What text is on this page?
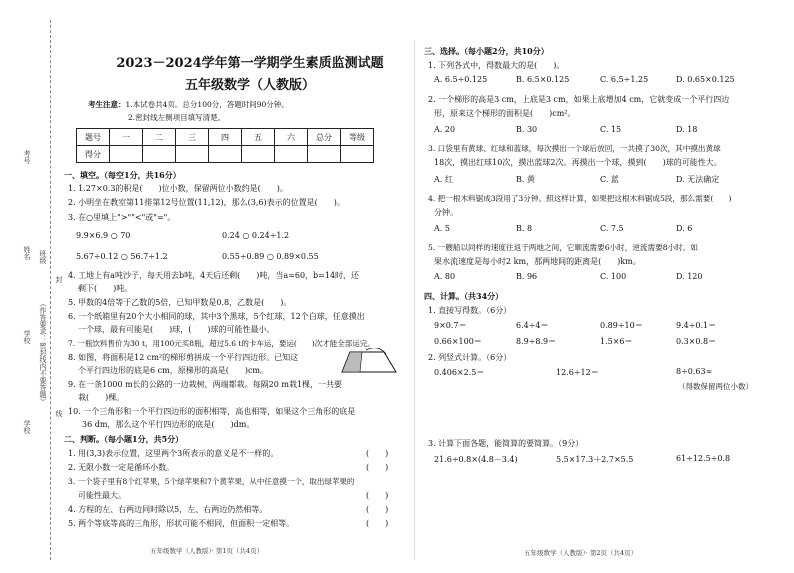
考号
姓名
学校
班级
（作答要求：密封线内不要答题）
线
封
学校
2023－2024学年第一学期学生素质监测试题
五年级数学（人教版）
考生注意：1.本试卷共4页。总分100分，答题时间90分钟。
2.密封线左侧项目填写清楚。
题号	一	二	三	四	五	六	总分	等级
得分								
一、填空。（每空1分，共16分）
1. 1.27×0.3的积是(　　)位小数，保留两位小数约是(　　)。
2. 小明坐在教室第11排第12号位置(11,12)，那么(3,6)表示的位置是(　　)。
3. 在○里填上">""<"或"="。
9.9×6.9 ○ 70	0.24 ○ 0.24÷1.2
5.67÷0.12 ○ 56.7÷1.2	0.55÷0.89 ○ 0.89×0.55
4. 工地上有a吨沙子，每天用去b吨，4天后还剩(　　)吨，当a=60，b=14时，还
剩下(　　)吨。
5. 甲数的4倍等于乙数的5倍，已知甲数是0.8，乙数是(　　)。
6. 一个纸箱里有20个大小相同的球，其中3个黑球，5个红球，12个白球，任意摸出
一个球，最有可能是(　　)球，(　　)球的可能性最小。
7. 一瓶饮料售价为30 t，用100元买8瓶，超过5.6 t的卡车运，要运(　　)次才能全部运完。
8. 如图，将面积是12 cm²的梯形剪拼成一个平行四边形。已知这
个平行四边形的底是6 cm，原梯形的高是(　　)cm。
9. 在一条1000 m长的公路的一边栽树，两端都栽。每隔20 m栽1棵，一共要
栽(　　)棵。
10. 一个三角形和一个平行四边形的面积相等，高也相等，如果这个三角形的底是
36 dm，那么这个平行四边形的底是(　　)dm。
二、判断。（每小题1分，共5分）
1. 用(3,3)表示位置，这里两个3所表示的意义是不一样的。	(　　)
2. 无限小数一定是循环小数。	(　　)
3. 一个袋子里有8个红苹果，5个绿苹果和7个黄苹果，从中任意摸一个，取出绿苹果的
可能性最大。	(　　)
4. 方程的左、右两边同时除以5，左、右两边仍然相等。	(　　)
5. 两个等底等高的三角形，形状可能不相同，但面积一定相等。	(　　)
五年级数学（人教版）· 第1页（共4页）
三、选择。（每小题2分，共10分）
1. 下列各式中，得数最大的是(　　)。
A. 6.5÷0.125	B. 6.5×0.125	C. 6.5÷1.25	D. 0.65×0.125
2. 一个梯形的高是3 cm，上底是3 cm，如果上底增加4 cm，它就变成一个平行四边
形，原来这个梯形的面积是(　　)cm²。
A. 20	B. 30	C. 15	D. 18
3. 口袋里有黄球、红球和蓝球，每次摸出一个球后放回，一共摸了30次，其中摸出黄球
18次，摸出红球10次，摸出蓝球2次。再摸出一个球，摸到(　　)球的可能性大。
A. 红	B. 黄	C. 蓝	D. 无法确定
4. 把一根木料锯成3段用了3分钟。照这样计算，如果把这根木料锯成5段，那么需要(　　)
分钟。
A. 5	B. 8	C. 7.5	D. 6
5. 一艘船以同样的速度往返于两地之间，它顺流需要6小时，逆流需要8小时。如
果水流速度是每小时2 km，那两地间的距离是(　　)km。
A. 80	B. 96	C. 100	D. 120
四、计算。（共34分）
1. 直接写得数。（6分）
9×0.7＝	6.4÷4＝	0.89÷10＝	9.4÷0.1＝
0.66×100＝	8.9÷8.9＝	1.5×6＝	0.3×0.8＝
2. 列竖式计算。（6分）
0.406×2.5＝	12.6÷12＝	8÷0.63≈
（得数保留两位小数）
3. 计算下面各题，能简算的要简算。（9分）
21.6÷0.8×(4.8－3.4)	5.5×17.3＋2.7×5.5	61÷12.5÷0.8
五年级数学（人教版）· 第2页（共4页）
